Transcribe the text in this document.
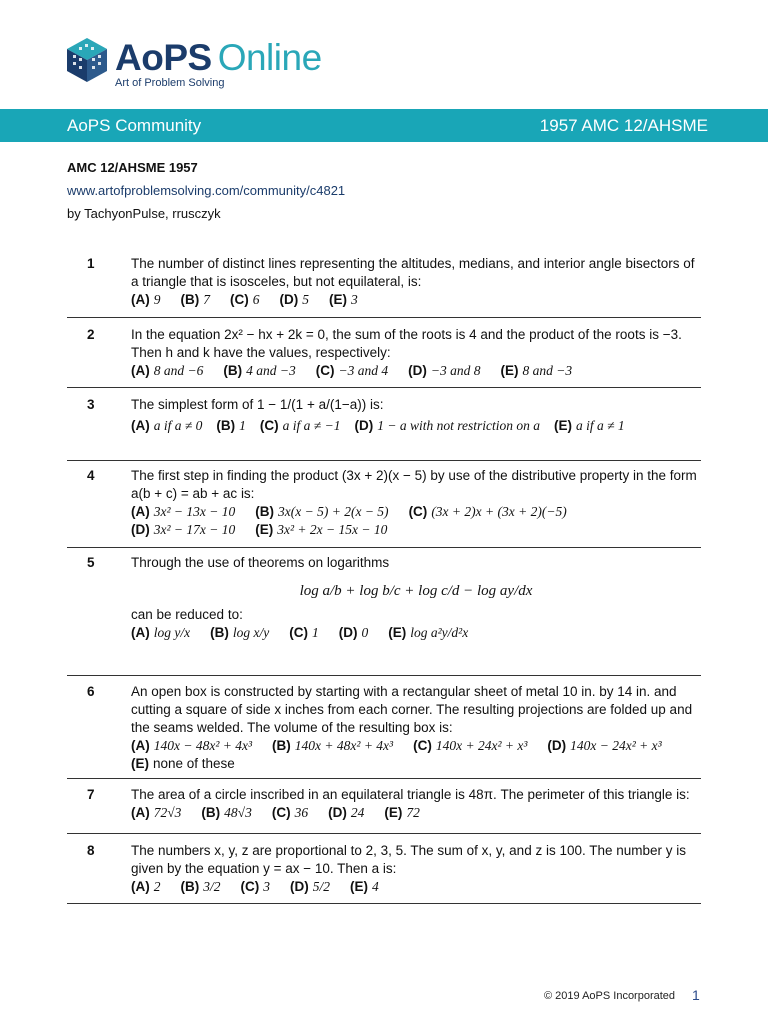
AoPS Online
Art of Problem Solving
AoPS Community	1957 AMC 12/AHSME
AMC 12/AHSME 1957
www.artofproblemsolving.com/community/c4821
by TachyonPulse, rrusczyk
1	The number of distinct lines representing the altitudes, medians, and interior angle bisectors of a triangle that is isosceles, but not equilateral, is:
(A) 9 (B) 7 (C) 6 (D) 5 (E) 3
2	In the equation 2x² − hx + 2k = 0, the sum of the roots is 4 and the product of the roots is −3. Then h and k have the values, respectively:
(A) 8 and −6 (B) 4 and −3 (C) −3 and 4 (D) −3 and 8 (E) 8 and −3
3	The simplest form of 1 − 1/(1 + a/(1−a)) is:
(A) a if a ≠ 0 (B) 1 (C) a if a ≠ −1 (D) 1 − a with not restriction on a (E) a if a ≠ 1
4	The first step in finding the product (3x + 2)(x − 5) by use of the distributive property in the form a(b + c) = ab + ac is:
(A) 3x² − 13x − 10 (B) 3x(x − 5) + 2(x − 5) (C) (3x + 2)x + (3x + 2)(−5)
(D) 3x² − 17x − 10 (E) 3x² + 2x − 15x − 10
5	Through the use of theorems on logarithms
log a/b + log b/c + log c/d − log ay/dx
can be reduced to:
(A) log y/x (B) log x/y (C) 1 (D) 0 (E) log a²y/d²x
6	An open box is constructed by starting with a rectangular sheet of metal 10 in. by 14 in. and cutting a square of side x inches from each corner. The resulting projections are folded up and the seams welded. The volume of the resulting box is:
(A) 140x − 48x² + 4x³ (B) 140x + 48x² + 4x³ (C) 140x + 24x² + x³ (D) 140x − 24x² + x³
(E) none of these
7	The area of a circle inscribed in an equilateral triangle is 48π. The perimeter of this triangle is:
(A) 72√3 (B) 48√3 (C) 36 (D) 24 (E) 72
8	The numbers x, y, z are proportional to 2, 3, 5. The sum of x, y, and z is 100. The number y is given by the equation y = ax − 10. Then a is:
(A) 2 (B) 3/2 (C) 3 (D) 5/2 (E) 4
© 2019 AoPS Incorporated 1
